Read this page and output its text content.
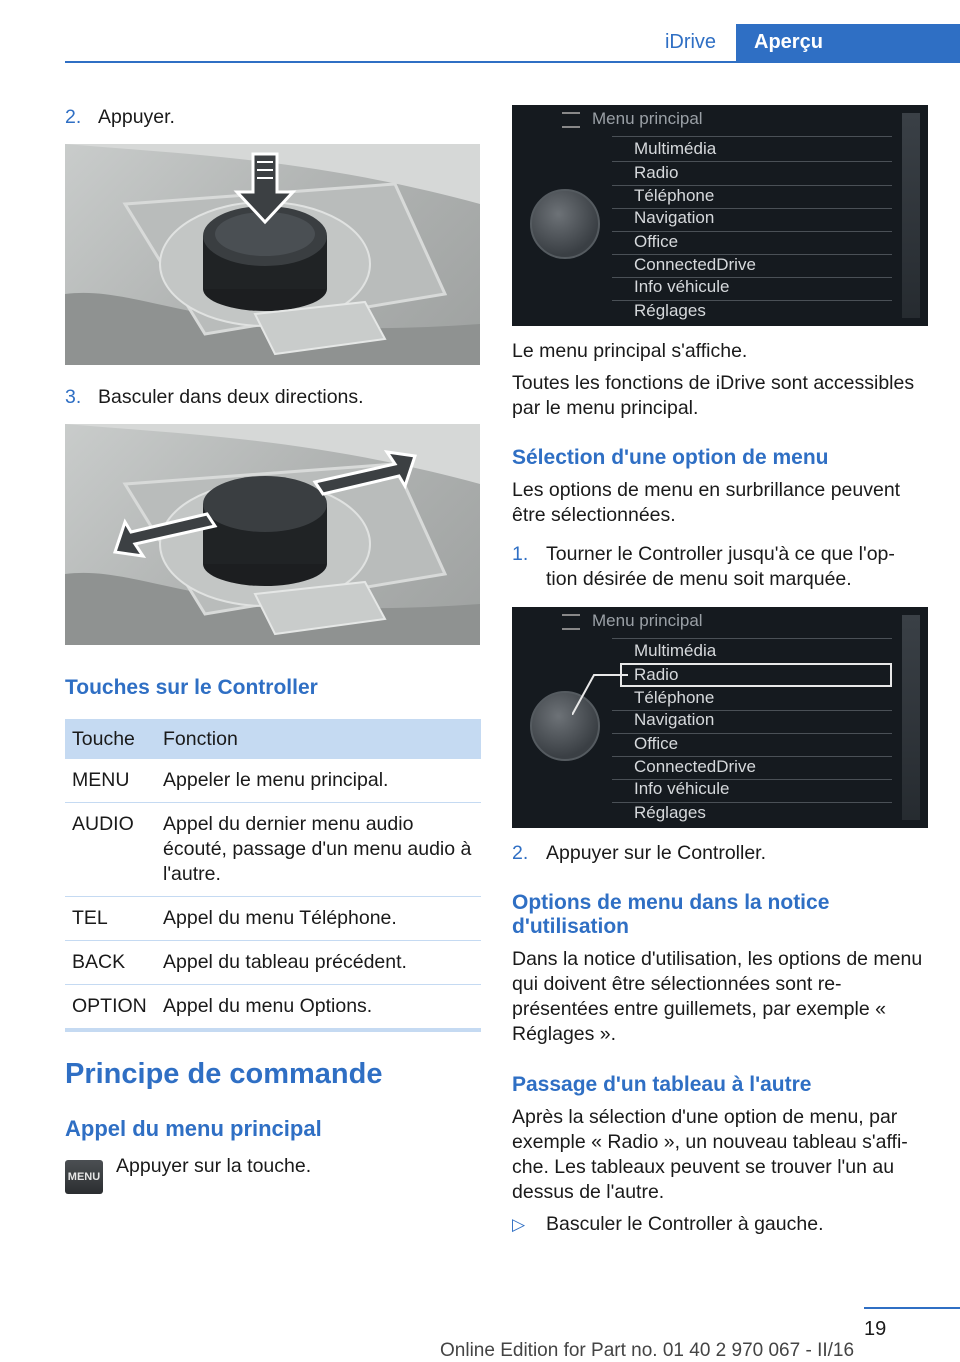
iDrive	Aperçu
2. Appuyer.
3. Basculer dans deux directions.
Touches sur le Controller
Touche	Fonction
MENU	Appeler le menu principal.
AUDIO	Appel du dernier menu audio écouté, passage d'un menu audio à l'autre.
TEL	Appel du menu Téléphone.
BACK	Appel du tableau précédent.
OPTION	Appel du menu Options.
Principe de commande
Appel du menu principal
MENU Appuyer sur la touche.
Menu principal
Multimédia
Radio
Téléphone
Navigation
Office
ConnectedDrive
Info véhicule
Réglages
Le menu principal s'affiche.
Toutes les fonctions de iDrive sont accessibles par le menu principal.
Sélection d'une option de menu
Les options de menu en surbrillance peuvent être sélectionnées.
1. Tourner le Controller jusqu'à ce que l'op‐ tion désirée de menu soit marquée.
Menu principal
Multimédia
Radio
Téléphone
Navigation
Office
ConnectedDrive
Info véhicule
Réglages
2. Appuyer sur le Controller.
Options de menu dans la notice d'utilisation
Dans la notice d'utilisation, les options de menu qui doivent être sélectionnées sont re‐ présentées entre guillemets, par exemple « Réglages ».
Passage d'un tableau à l'autre
Après la sélection d'une option de menu, par exemple « Radio », un nouveau tableau s'affi‐ che. Les tableaux peuvent se trouver l'un au dessus de l'autre.
▷ Basculer le Controller à gauche.
19
Online Edition for Part no. 01 40 2 970 067 - II/16
